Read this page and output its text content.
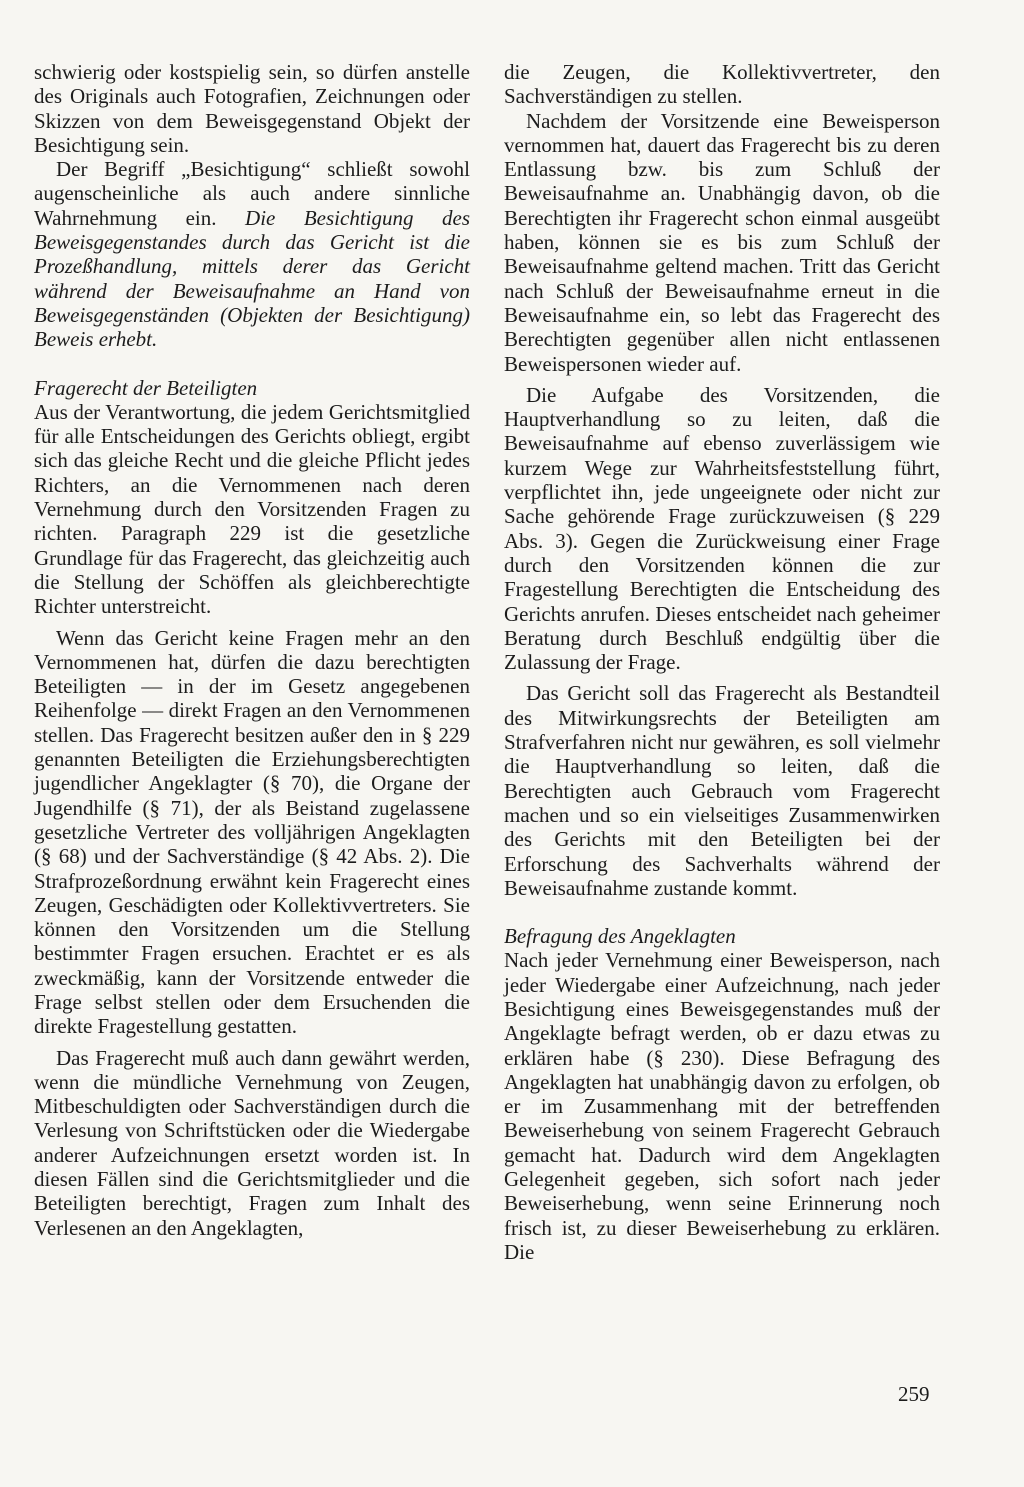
schwierig oder kostspielig sein, so dürfen anstelle des Originals auch Fotografien, Zeichnungen oder Skizzen von dem Beweisgegenstand Objekt der Besichtigung sein.

Der Begriff „Besichtigung“ schließt sowohl augenscheinliche als auch andere sinnliche Wahrnehmung ein. Die Besichtigung des Beweisgegenstandes durch das Gericht ist die Prozeßhandlung, mittels derer das Gericht während der Beweisaufnahme an Hand von Beweisgegenständen (Objekten der Besichtigung) Beweis erhebt.

Fragerecht der Beteiligten

Aus der Verantwortung, die jedem Gerichtsmitglied für alle Entscheidungen des Gerichts obliegt, ergibt sich das gleiche Recht und die gleiche Pflicht jedes Richters, an die Vernommenen nach deren Vernehmung durch den Vorsitzenden Fragen zu richten. Paragraph 229 ist die gesetzliche Grundlage für das Fragerecht, das gleichzeitig auch die Stellung der Schöffen als gleichberechtigte Richter unterstreicht.

Wenn das Gericht keine Fragen mehr an den Vernommenen hat, dürfen die dazu berechtigten Beteiligten — in der im Gesetz angegebenen Reihenfolge — direkt Fragen an den Vernommenen stellen. Das Fragerecht besitzen außer den in § 229 genannten Beteiligten die Erziehungsberechtigten jugendlicher Angeklagter (§ 70), die Organe der Jugendhilfe (§ 71), der als Beistand zugelassene gesetzliche Vertreter des volljährigen Angeklagten (§ 68) und der Sachverständige (§ 42 Abs. 2). Die Strafprozeßordnung erwähnt kein Fragerecht eines Zeugen, Geschädigten oder Kollektivvertreters. Sie können den Vorsitzenden um die Stellung bestimmter Fragen ersuchen. Erachtet er es als zweckmäßig, kann der Vorsitzende entweder die Frage selbst stellen oder dem Ersuchenden die direkte Fragestellung gestatten.

Das Fragerecht muß auch dann gewährt werden, wenn die mündliche Vernehmung von Zeugen, Mitbeschuldigten oder Sachverständigen durch die Verlesung von Schriftstücken oder die Wiedergabe anderer Aufzeichnungen ersetzt worden ist. In diesen Fällen sind die Gerichtsmitglieder und die Beteiligten berechtigt, Fragen zum Inhalt des Verlesenen an den Angeklagten,

die Zeugen, die Kollektivvertreter, den Sachverständigen zu stellen.

Nachdem der Vorsitzende eine Beweisperson vernommen hat, dauert das Fragerecht bis zu deren Entlassung bzw. bis zum Schluß der Beweisaufnahme an. Unabhängig davon, ob die Berechtigten ihr Fragerecht schon einmal ausgeübt haben, können sie es bis zum Schluß der Beweisaufnahme geltend machen. Tritt das Gericht nach Schluß der Beweisaufnahme erneut in die Beweisaufnahme ein, so lebt das Fragerecht des Berechtigten gegenüber allen nicht entlassenen Beweispersonen wieder auf.

Die Aufgabe des Vorsitzenden, die Hauptverhandlung so zu leiten, daß die Beweisaufnahme auf ebenso zuverlässigem wie kurzem Wege zur Wahrheitsfeststellung führt, verpflichtet ihn, jede ungeeignete oder nicht zur Sache gehörende Frage zurückzuweisen (§ 229 Abs. 3). Gegen die Zurückweisung einer Frage durch den Vorsitzenden können die zur Fragestellung Berechtigten die Entscheidung des Gerichts anrufen. Dieses entscheidet nach geheimer Beratung durch Beschluß endgültig über die Zulassung der Frage.

Das Gericht soll das Fragerecht als Bestandteil des Mitwirkungsrechts der Beteiligten am Strafverfahren nicht nur gewähren, es soll vielmehr die Hauptverhandlung so leiten, daß die Berechtigten auch Gebrauch vom Fragerecht machen und so ein vielseitiges Zusammenwirken des Gerichts mit den Beteiligten bei der Erforschung des Sachverhalts während der Beweisaufnahme zustande kommt.

Befragung des Angeklagten

Nach jeder Vernehmung einer Beweisperson, nach jeder Wiedergabe einer Aufzeichnung, nach jeder Besichtigung eines Beweisgegenstandes muß der Angeklagte befragt werden, ob er dazu etwas zu erklären habe (§ 230). Diese Befragung des Angeklagten hat unabhängig davon zu erfolgen, ob er im Zusammenhang mit der betreffenden Beweiserhebung von seinem Fragerecht Gebrauch gemacht hat. Dadurch wird dem Angeklagten Gelegenheit gegeben, sich sofort nach jeder Beweiserhebung, wenn seine Erinnerung noch frisch ist, zu dieser Beweiserhebung zu erklären. Die

259
